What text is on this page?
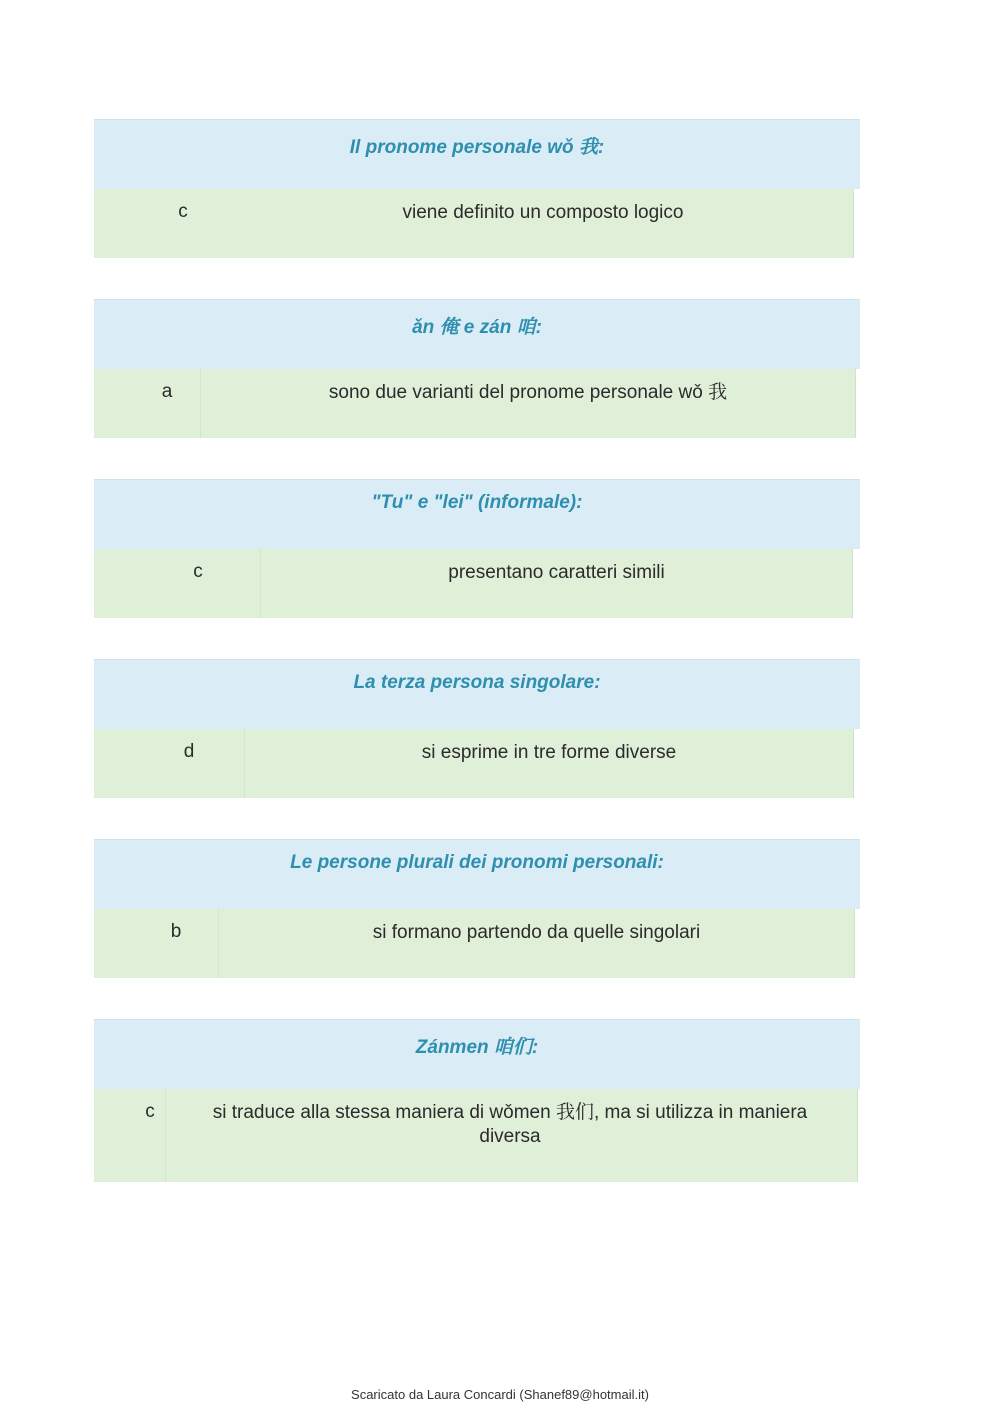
Il pronome personale wǒ 我:
c	viene definito un composto logico
ǎn 俺 e zán 咱:
a	sono due varianti del pronome personale wǒ 我
"Tu" e "lei" (informale):
c	presentano caratteri simili
La terza persona singolare:
d	si esprime in tre forme diverse
Le persone plurali dei pronomi personali:
b	si formano partendo da quelle singolari
Zánmen 咱们:
c	si traduce alla stessa maniera di wǒmen 我们, ma si utilizza in maniera diversa
Scaricato da Laura Concardi (Shanef89@hotmail.it)
